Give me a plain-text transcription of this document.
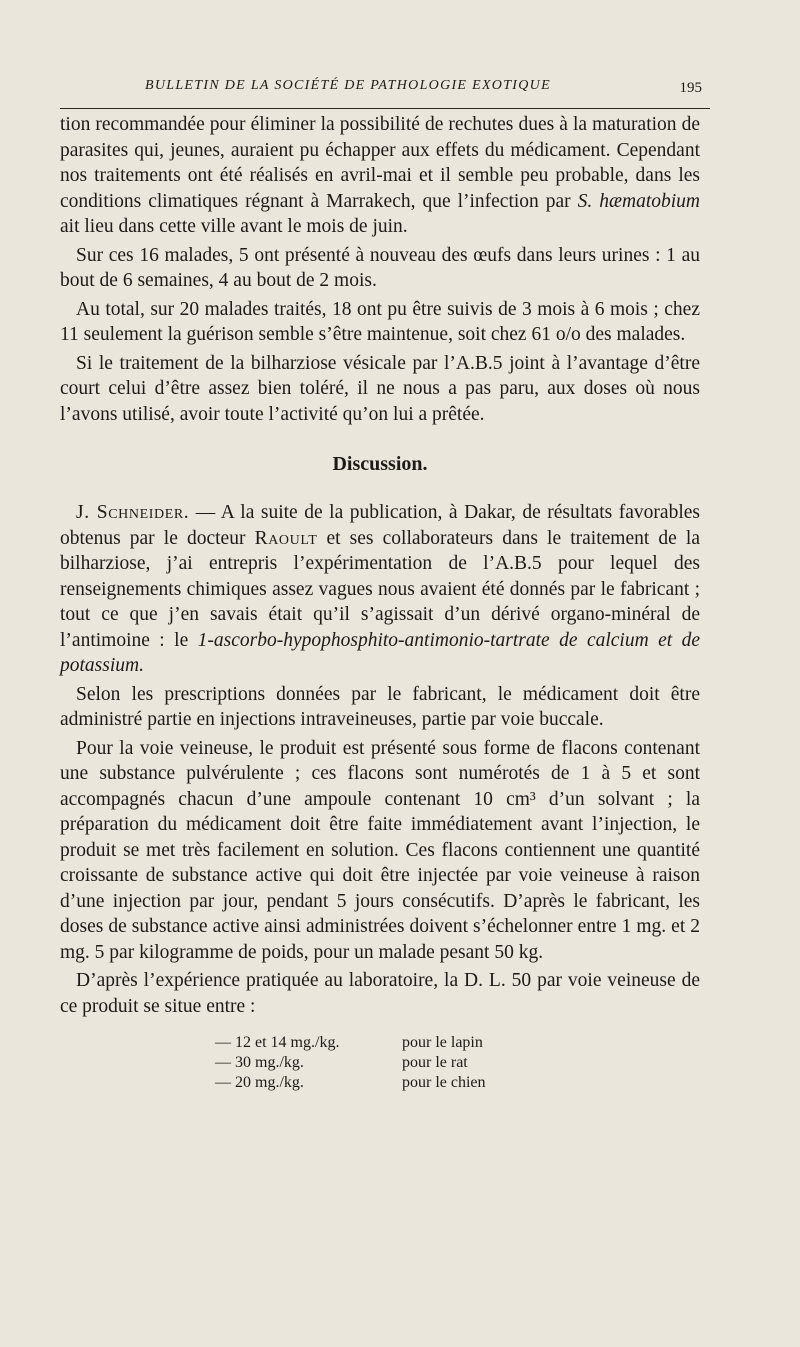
BULLETIN DE LA SOCIÉTÉ DE PATHOLOGIE EXOTIQUE	195

tion recommandée pour éliminer la possibilité de rechutes dues à la maturation de parasites qui, jeunes, auraient pu échapper aux effets du médicament. Cependant nos traitements ont été réalisés en avril-mai et il semble peu probable, dans les conditions climatiques régnant à Marrakech, que l’infection par S. hæmatobium ait lieu dans cette ville avant le mois de juin.

Sur ces 16 malades, 5 ont présenté à nouveau des œufs dans leurs urines : 1 au bout de 6 semaines, 4 au bout de 2 mois.

Au total, sur 20 malades traités, 18 ont pu être suivis de 3 mois à 6 mois ; chez 11 seulement la guérison semble s’être maintenue, soit chez 61 o/o des malades.

Si le traitement de la bilharziose vésicale par l’A.B.5 joint à l’avantage d’être court celui d’être assez bien toléré, il ne nous a pas paru, aux doses où nous l’avons utilisé, avoir toute l’activité qu’on lui a prêtée.

Discussion.

J. Schneider. — A la suite de la publication, à Dakar, de résultats favorables obtenus par le docteur Raoult et ses collaborateurs dans le traitement de la bilharziose, j’ai entrepris l’expérimentation de l’A.B.5 pour lequel des renseignements chimiques assez vagues nous avaient été donnés par le fabricant ; tout ce que j’en savais était qu’il s’agissait d’un dérivé organo-minéral de l’antimoine : le 1-ascorbo-hypophosphito-antimonio-tartrate de calcium et de potassium.

Selon les prescriptions données par le fabricant, le médicament doit être administré partie en injections intraveineuses, partie par voie buccale.

Pour la voie veineuse, le produit est présenté sous forme de flacons contenant une substance pulvérulente ; ces flacons sont numérotés de 1 à 5 et sont accompagnés chacun d’une ampoule contenant 10 cm³ d’un solvant ; la préparation du médicament doit être faite immédiatement avant l’injection, le produit se met très facilement en solution. Ces flacons contiennent une quantité croissante de substance active qui doit être injectée par voie veineuse à raison d’une injection par jour, pendant 5 jours consécutifs. D’après le fabricant, les doses de substance active ainsi administrées doivent s’échelonner entre 1 mg. et 2 mg. 5 par kilogramme de poids, pour un malade pesant 50 kg.

D’après l’expérience pratiquée au laboratoire, la D. L. 50 par voie veineuse de ce produit se situe entre :

— 12 et 14 mg./kg.	pour le lapin
— 30 mg./kg.	pour le rat
— 20 mg./kg.	pour le chien
